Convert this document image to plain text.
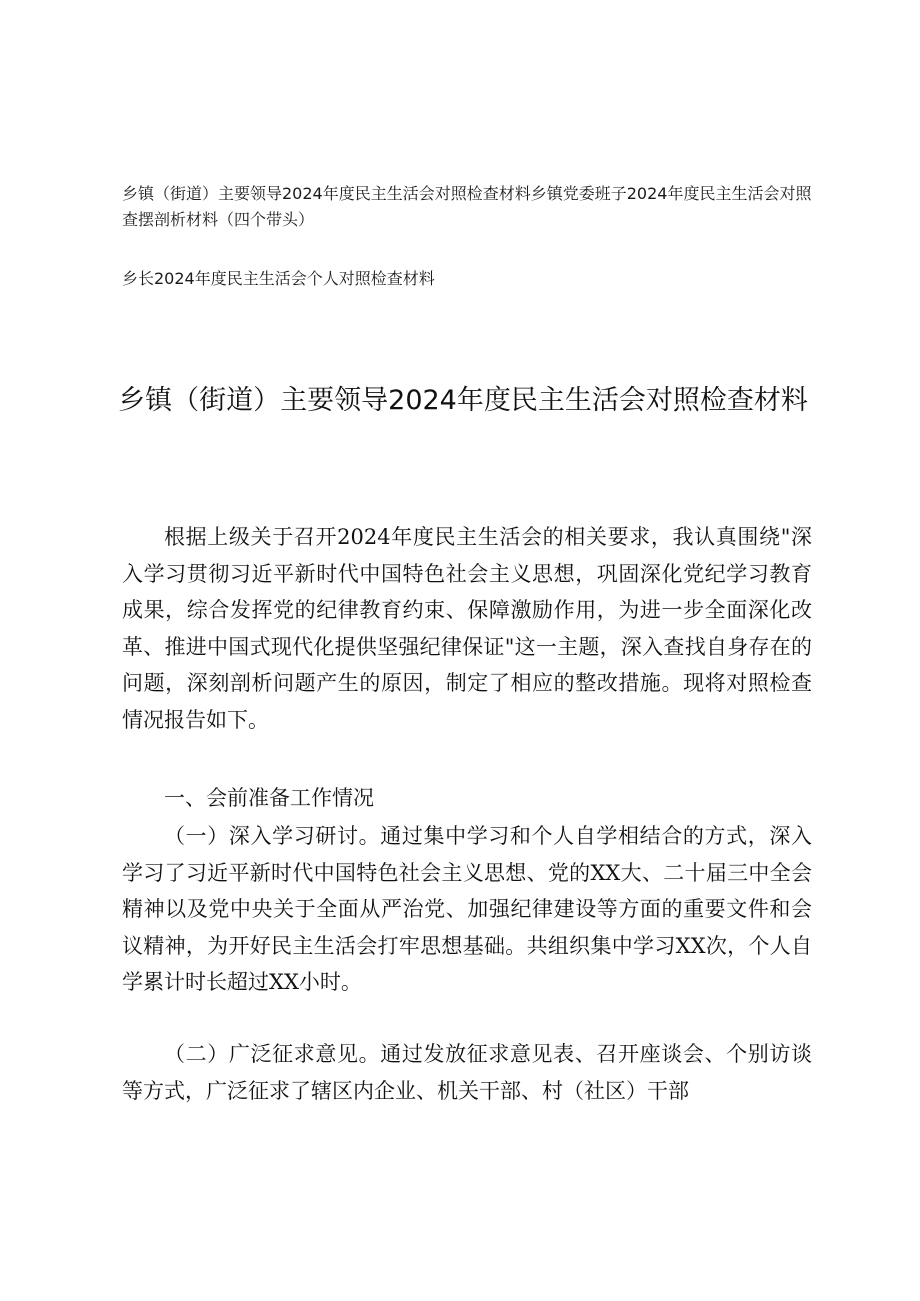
乡镇（街道）主要领导2024年度民主生活会对照检查材料乡镇党委班子2024年度民主生活会对照查摆剖析材料（四个带头）
乡长2024年度民主生活会个人对照检查材料
乡镇（街道）主要领导2024年度民主生活会对照检查材料

根据上级关于召开2024年度民主生活会的相关要求，我认真围绕"深入学习贯彻习近平新时代中国特色社会主义思想，巩固深化党纪学习教育成果，综合发挥党的纪律教育约束、保障激励作用，为进一步全面深化改革、推进中国式现代化提供坚强纪律保证"这一主题，深入查找自身存在的问题，深刻剖析问题产生的原因，制定了相应的整改措施。现将对照检查情况报告如下。

一、会前准备工作情况

（一）深入学习研讨。通过集中学习和个人自学相结合的方式，深入学习了习近平新时代中国特色社会主义思想、党的XX大、二十届三中全会精神以及党中央关于全面从严治党、加强纪律建设等方面的重要文件和会议精神，为开好民主生活会打牢思想基础。共组织集中学习XX次，个人自学累计时长超过XX小时。

（二）广泛征求意见。通过发放征求意见表、召开座谈会、个别访谈等方式，广泛征求了辖区内企业、机关干部、村（社区）干部
